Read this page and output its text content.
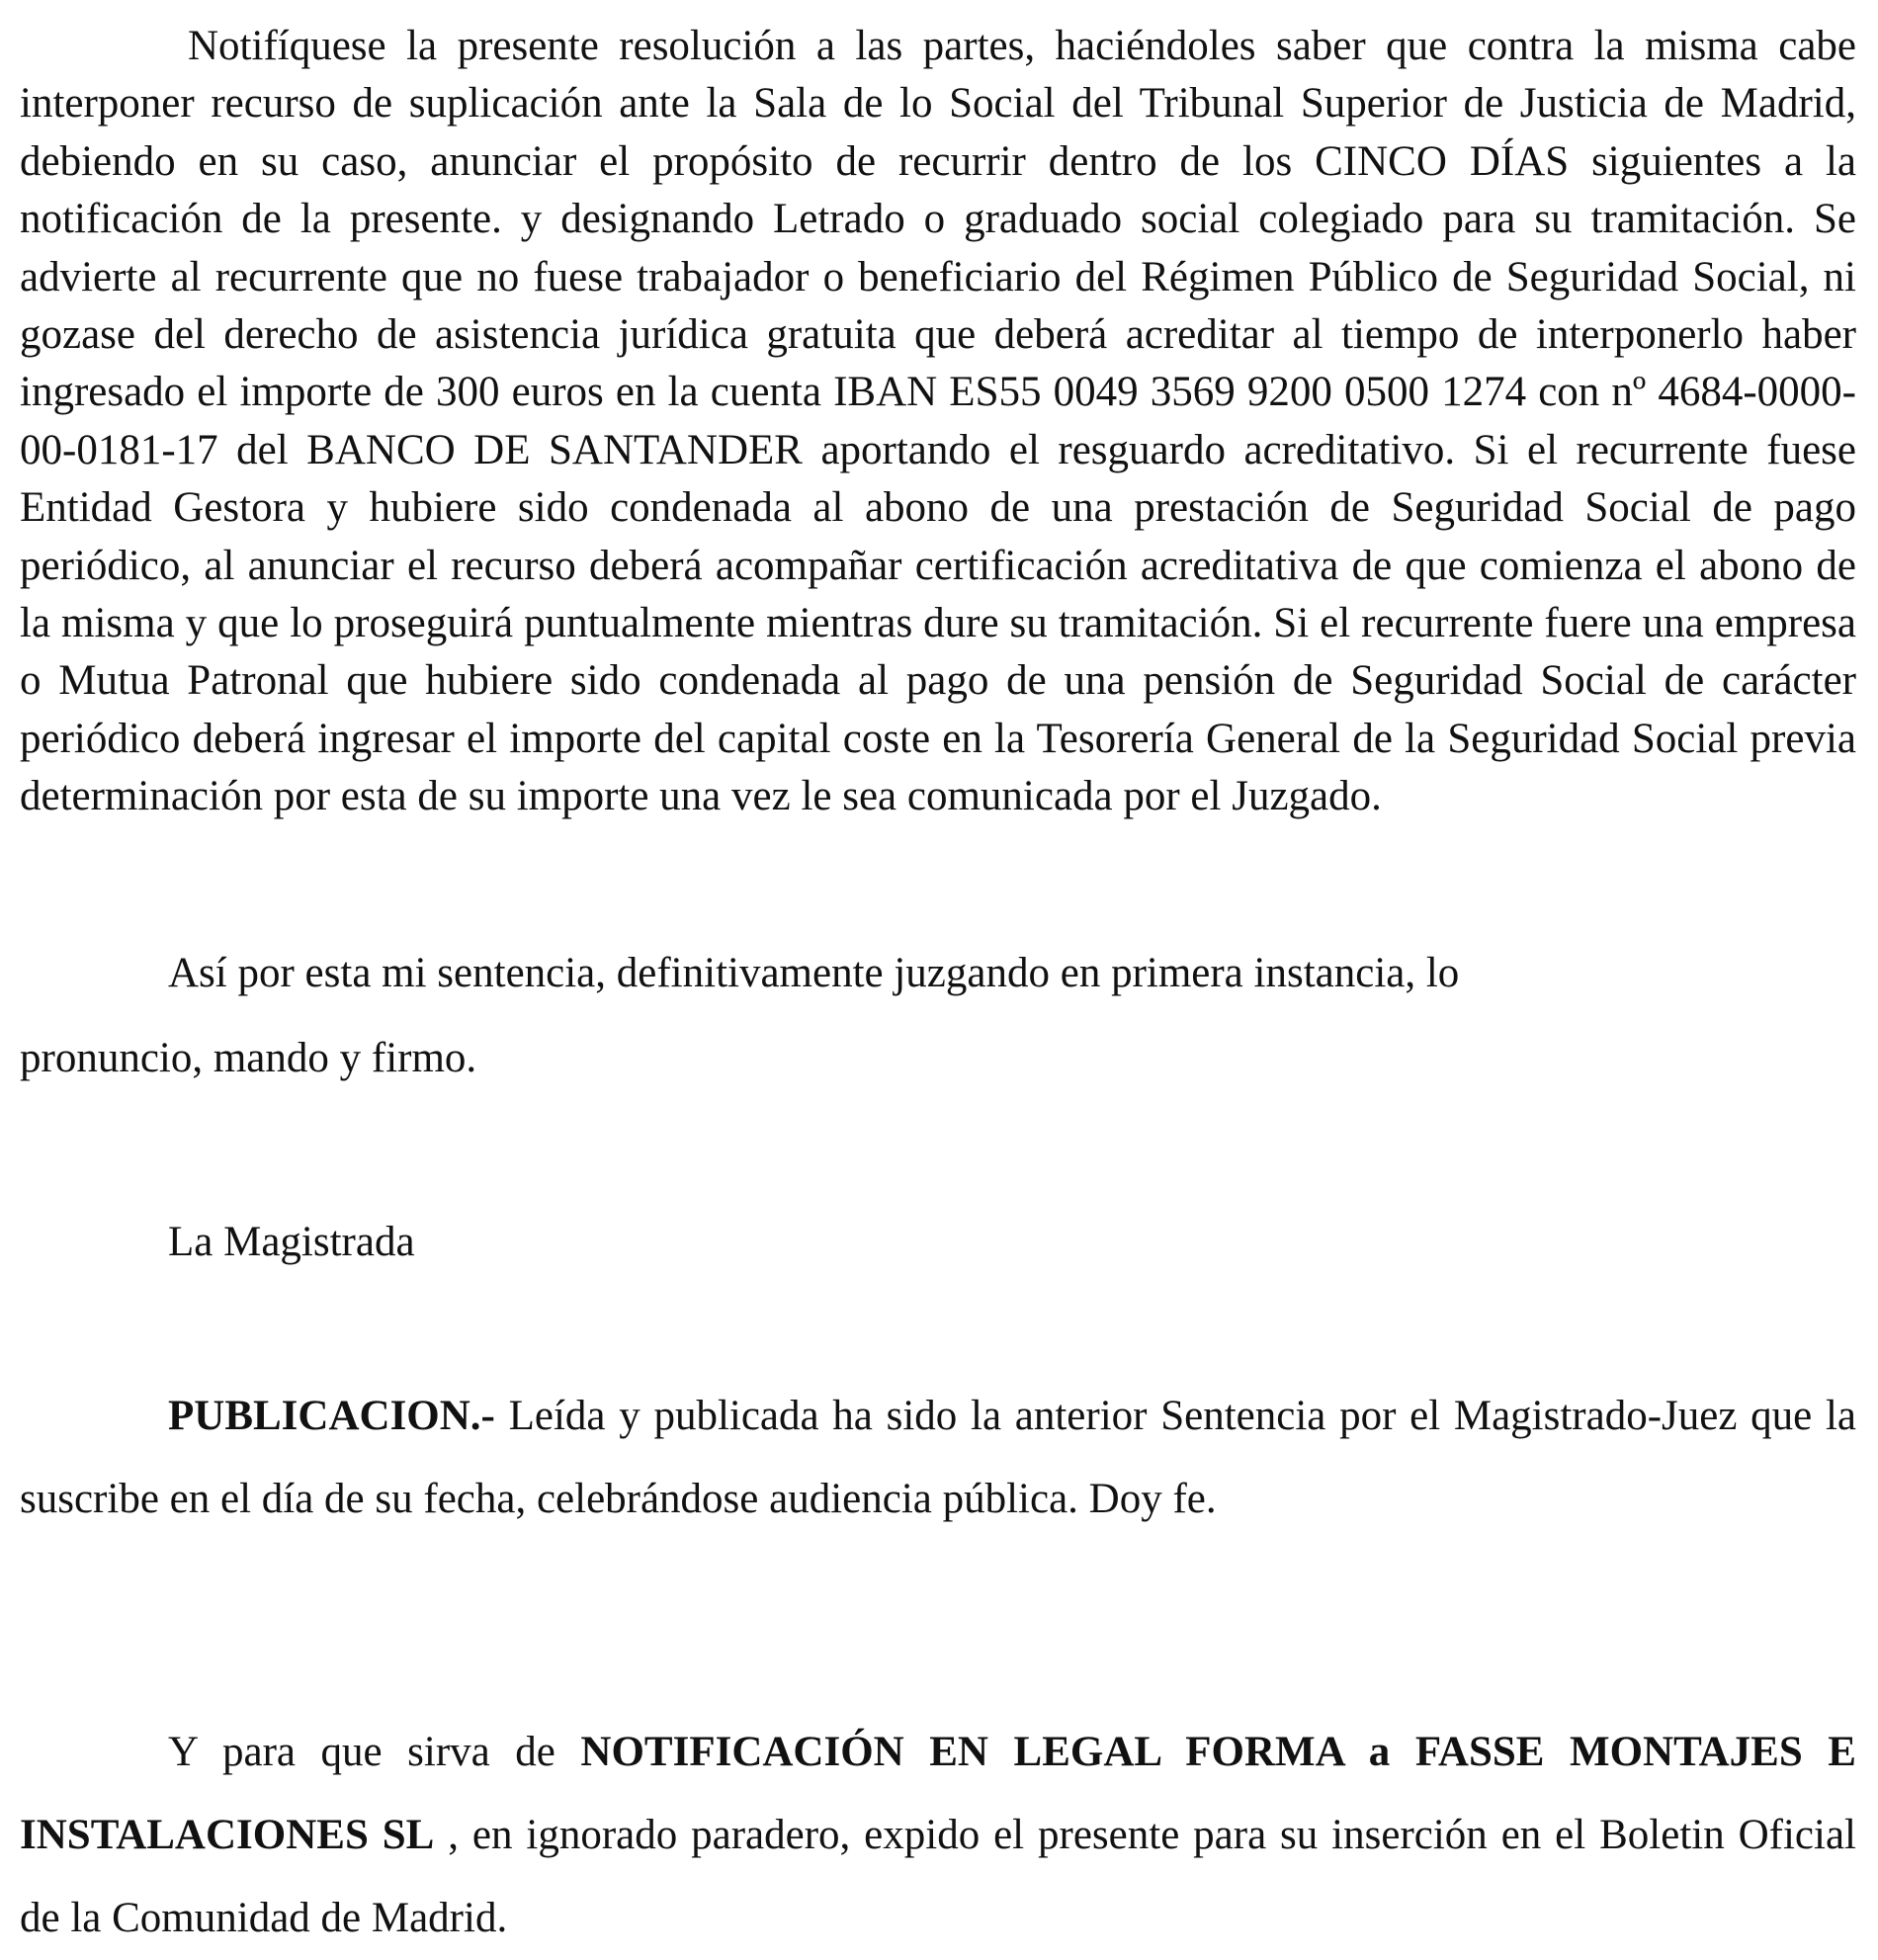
Notifíquese la presente resolución a las partes, haciéndoles saber que contra la misma cabe interponer recurso de suplicación ante la Sala de lo Social del Tribunal Superior de Justicia de Madrid, debiendo en su caso, anunciar el propósito de recurrir dentro de los CINCO DÍAS siguientes a la notificación de la presente. y designando Letrado o graduado social colegiado para su tramitación. Se advierte al recurrente que no fuese trabajador o beneficiario del Régimen Público de Seguridad Social, ni gozase del derecho de asistencia jurídica gratuita que deberá acreditar al tiempo de interponerlo haber ingresado el importe de 300 euros en la cuenta IBAN ES55 0049 3569 9200 0500 1274 con nº 4684-0000-00-0181-17 del BANCO DE SANTANDER aportando el resguardo acreditativo. Si el recurrente fuese Entidad Gestora y hubiere sido condenada al abono de una prestación de Seguridad Social de pago periódico, al anunciar el recurso deberá acompañar certificación acreditativa de que comienza el abono de la misma y que lo proseguirá puntualmente mientras dure su tramitación. Si el recurrente fuere una empresa o Mutua Patronal que hubiere sido condenada al pago de una pensión de Seguridad Social de carácter periódico deberá ingresar el importe del capital coste en la Tesorería General de la Seguridad Social previa determinación por esta de su importe una vez le sea comunicada por el Juzgado.

Así por esta mi sentencia, definitivamente juzgando en primera instancia, lo
pronuncio, mando y firmo.

La Magistrada

PUBLICACION.- Leída y publicada ha sido la anterior Sentencia por el Magistrado-Juez que la suscribe en el día de su fecha, celebrándose audiencia pública. Doy fe.

Y para que sirva de NOTIFICACIÓN EN LEGAL FORMA a FASSE MONTAJES E INSTALACIONES SL , en ignorado paradero, expido el presente para su inserción en el Boletin Oficial de la Comunidad de Madrid.
